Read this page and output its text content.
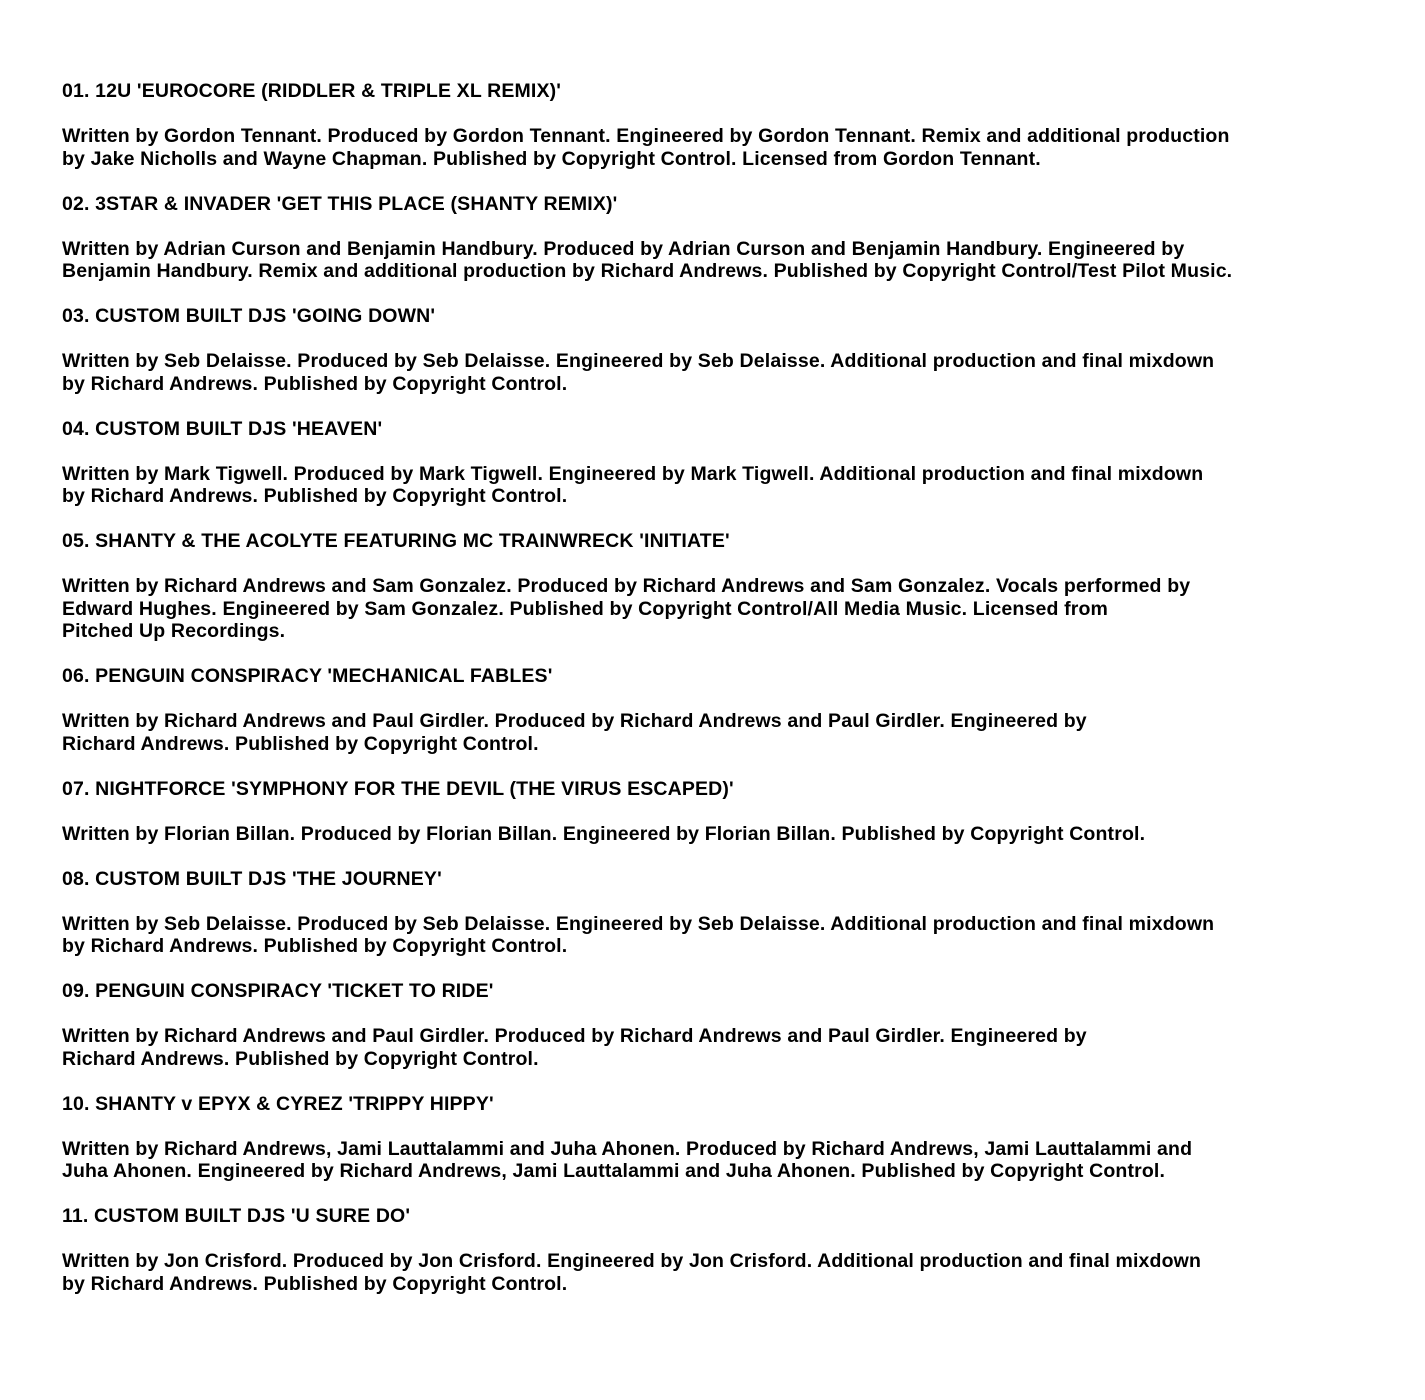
01. 12U 'EUROCORE (RIDDLER & TRIPLE XL REMIX)'

Written by Gordon Tennant. Produced by Gordon Tennant. Engineered by Gordon Tennant. Remix and additional production
by Jake Nicholls and Wayne Chapman. Published by Copyright Control. Licensed from Gordon Tennant.

02. 3STAR & INVADER 'GET THIS PLACE (SHANTY REMIX)'

Written by Adrian Curson and Benjamin Handbury. Produced by Adrian Curson and Benjamin Handbury. Engineered by
Benjamin Handbury. Remix and additional production by Richard Andrews. Published by Copyright Control/Test Pilot Music.

03. CUSTOM BUILT DJS 'GOING DOWN'

Written by Seb Delaisse. Produced by Seb Delaisse. Engineered by Seb Delaisse. Additional production and final mixdown
by Richard Andrews. Published by Copyright Control.

04. CUSTOM BUILT DJS 'HEAVEN'

Written by Mark Tigwell. Produced by Mark Tigwell. Engineered by Mark Tigwell. Additional production and final mixdown
by Richard Andrews. Published by Copyright Control.

05. SHANTY & THE ACOLYTE FEATURING MC TRAINWRECK 'INITIATE'

Written by Richard Andrews and Sam Gonzalez. Produced by Richard Andrews and Sam Gonzalez. Vocals performed by
Edward Hughes. Engineered by Sam Gonzalez. Published by Copyright Control/All Media Music. Licensed from
Pitched Up Recordings.

06. PENGUIN CONSPIRACY 'MECHANICAL FABLES'

Written by Richard Andrews and Paul Girdler. Produced by Richard Andrews and Paul Girdler. Engineered by
Richard Andrews. Published by Copyright Control.

07. NIGHTFORCE 'SYMPHONY FOR THE DEVIL (THE VIRUS ESCAPED)'

Written by Florian Billan. Produced by Florian Billan. Engineered by Florian Billan. Published by Copyright Control.

08. CUSTOM BUILT DJS 'THE JOURNEY'

Written by Seb Delaisse. Produced by Seb Delaisse. Engineered by Seb Delaisse. Additional production and final mixdown
by Richard Andrews. Published by Copyright Control.

09. PENGUIN CONSPIRACY 'TICKET TO RIDE'

Written by Richard Andrews and Paul Girdler. Produced by Richard Andrews and Paul Girdler. Engineered by
Richard Andrews. Published by Copyright Control.

10. SHANTY v EPYX & CYREZ 'TRIPPY HIPPY'

Written by Richard Andrews, Jami Lauttalammi and Juha Ahonen. Produced by Richard Andrews, Jami Lauttalammi and
Juha Ahonen. Engineered by Richard Andrews, Jami Lauttalammi and Juha Ahonen. Published by Copyright Control.

11. CUSTOM BUILT DJS 'U SURE DO'

Written by Jon Crisford. Produced by Jon Crisford. Engineered by Jon Crisford. Additional production and final mixdown
by Richard Andrews. Published by Copyright Control.
